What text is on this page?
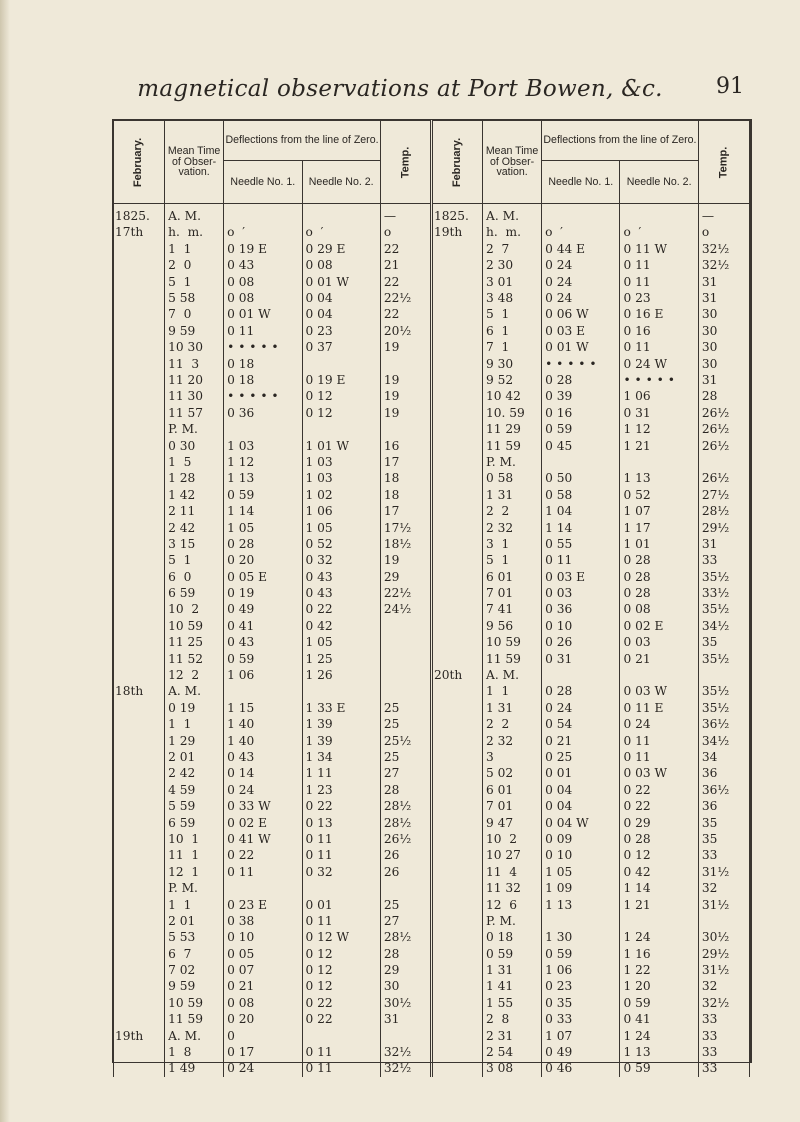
magnetical observations at Port Bowen, &c.	91
February.	Mean Time of Obser- vation.	Deflections from the line of Zero.		Temp.	February.	Mean Time of Obser- vation.	Deflections from the line of Zero.		Temp.
		Needle No. 1.	Needle No. 2.				Needle No. 1.	Needle No. 2.	

1825.	A. M.			—	1825.	A. M.			—
17th	h.  m.	o  ′	o  ′	o	19th	h.  m.	o  ′	o  ′	o
	1  1	0 19 E	0 29 E	22		2  7	0 44 E	0 11 W	32½
	2  0	0 43	0 08	21		2 30	0 24	0 11	32½
	5  1	0 08	0 01 W	22		3 01	0 24	0 11	31
	5 58	0 08	0 04	22½		3 48	0 24	0 23	31
	7  0	0 01 W	0 04	22		5  1	0 06 W	0 16 E	30
	9 59	0 11	0 23	20½		6  1	0 03 E	0 16	30
	10 30	• • • • •	0 37	19		7  1	0 01 W	0 11	30
	11  3	0 18				9 30	• • • • •	0 24 W	30
	11 20	0 18	0 19 E	19		9 52	0 28	• • • • •	31
	11 30	• • • • •	0 12	19		10 42	0 39	1 06	28
	11 57	0 36	0 12	19		10. 59	0 16	0 31	26½
	P. M.					11 29	0 59	1 12	26½
	0 30	1 03	1 01 W	16		11 59	0 45	1 21	26½
	1  5	1 12	1 03	17		P. M.			
	1 28	1 13	1 03	18		0 58	0 50	1 13	26½
	1 42	0 59	1 02	18		1 31	0 58	0 52	27½
	2 11	1 14	1 06	17		2  2	1 04	1 07	28½
	2 42	1 05	1 05	17½		2 32	1 14	1 17	29½
	3 15	0 28	0 52	18½		3  1	0 55	1 01	31
	5  1	0 20	0 32	19		5  1	0 11	0 28	33
	6  0	0 05 E	0 43	29		6 01	0 03 E	0 28	35½
	6 59	0 19	0 43	22½		7 01	0 03	0 28	33½
	10  2	0 49	0 22	24½		7 41	0 36	0 08	35½
	10 59	0 41	0 42			9 56	0 10	0 02 E	34½
	11 25	0 43	1 05			10 59	0 26	0 03	35
	11 52	0 59	1 25			11 59	0 31	0 21	35½
	12  2	1 06	1 26		20th	A. M.			
18th	A. M.					1  1	0 28	0 03 W	35½
	0 19	1 15	1 33 E	25		1 31	0 24	0 11 E	35½
	1  1	1 40	1 39	25		2  2	0 54	0 24	36½
	1 29	1 40	1 39	25½		2 32	0 21	0 11	34½
	2 01	0 43	1 34	25		3	0 25	0 11	34
	2 42	0 14	1 11	27		5 02	0 01	0 03 W	36
	4 59	0 24	1 23	28		6 01	0 04	0 22	36½
	5 59	0 33 W	0 22	28½		7 01	0 04	0 22	36
	6 59	0 02 E	0 13	28½		9 47	0 04 W	0 29	35
	10  1	0 41 W	0 11	26½		10  2	0 09	0 28	35
	11  1	0 22	0 11	26		10 27	0 10	0 12	33
	12  1	0 11	0 32	26		11  4	1 05	0 42	31½
	P. M.					11 32	1 09	1 14	32
	1  1	0 23 E	0 01	25		12  6	1 13	1 21	31½
	2 01	0 38	0 11	27		P. M.			
	5 53	0 10	0 12 W	28½		0 18	1 30	1 24	30½
	6  7	0 05	0 12	28		0 59	0 59	1 16	29½
	7 02	0 07	0 12	29		1 31	1 06	1 22	31½
	9 59	0 21	0 12	30		1 41	0 23	1 20	32
	10 59	0 08	0 22	30½		1 55	0 35	0 59	32½
	11 59	0 20	0 22	31		2  8	0 33	0 41	33
19th	A. M.	0				2 31	1 07	1 24	33
	1  8	0 17	0 11	32½		2 54	0 49	1 13	33
	1 49	0 24	0 11	32½		3 08	0 46	0 59	33
